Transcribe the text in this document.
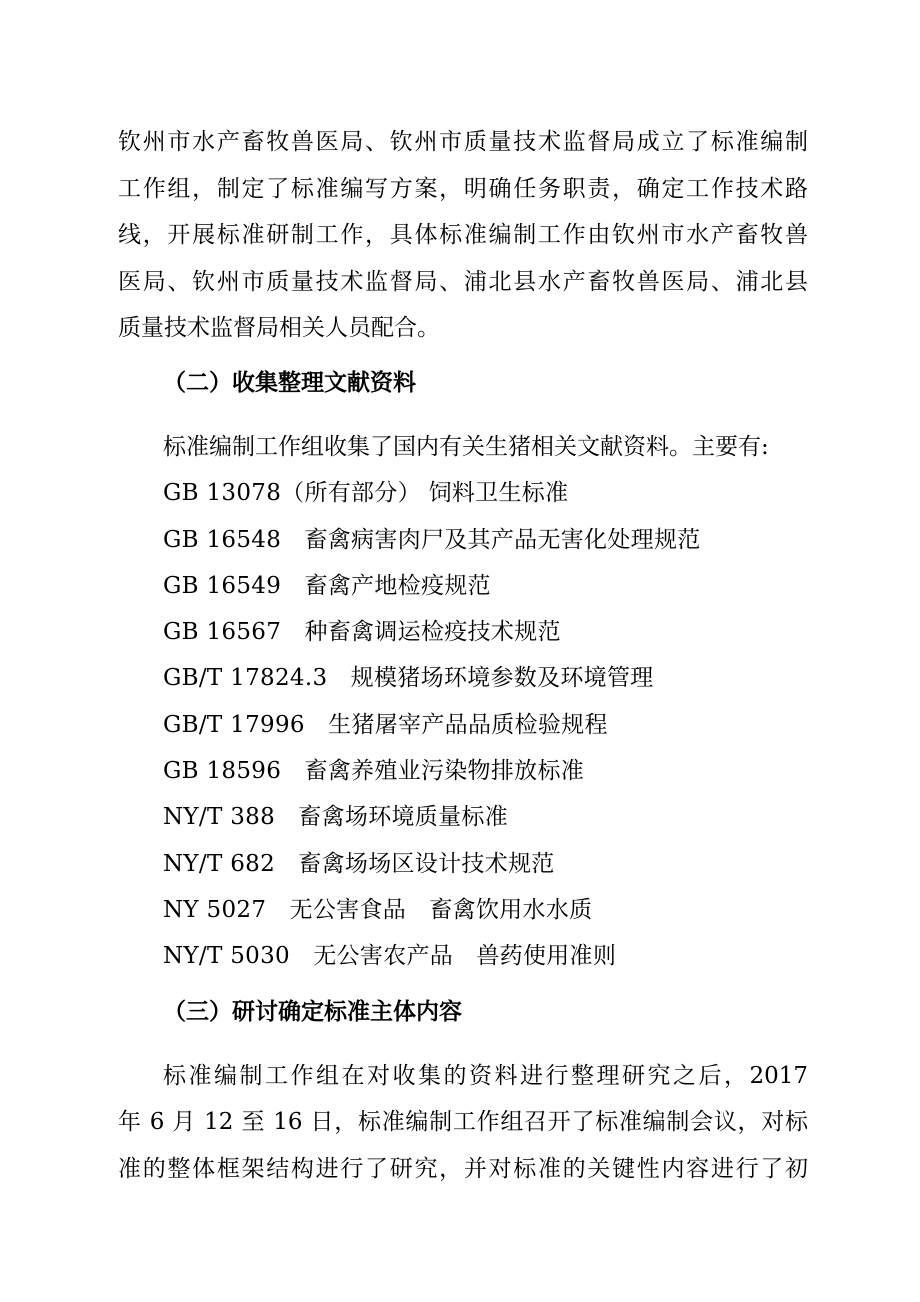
钦州市水产畜牧兽医局、钦州市质量技术监督局成立了标准编制
工作组，制定了标准编写方案，明确任务职责，确定工作技术路
线，开展标准研制工作，具体标准编制工作由钦州市水产畜牧兽
医局、钦州市质量技术监督局、浦北县水产畜牧兽医局、浦北县
质量技术监督局相关人员配合。
（二）收集整理文献资料
标准编制工作组收集了国内有关生猪相关文献资料。主要有:
GB 13078（所有部分） 饲料卫生标准
GB 16548　畜禽病害肉尸及其产品无害化处理规范
GB 16549　畜禽产地检疫规范
GB 16567　种畜禽调运检疫技术规范
GB/T 17824.3　规模猪场环境参数及环境管理
GB/T 17996　生猪屠宰产品品质检验规程
GB 18596　畜禽养殖业污染物排放标准
NY/T 388　畜禽场环境质量标准
NY/T 682　畜禽场场区设计技术规范
NY 5027　无公害食品　畜禽饮用水水质
NY/T 5030　无公害农产品　兽药使用准则
（三）研讨确定标准主体内容
标准编制工作组在对收集的资料进行整理研究之后，2017
年 6 月 12 至 16 日，标准编制工作组召开了标准编制会议，对标
准的整体框架结构进行了研究，并对标准的关键性内容进行了初
